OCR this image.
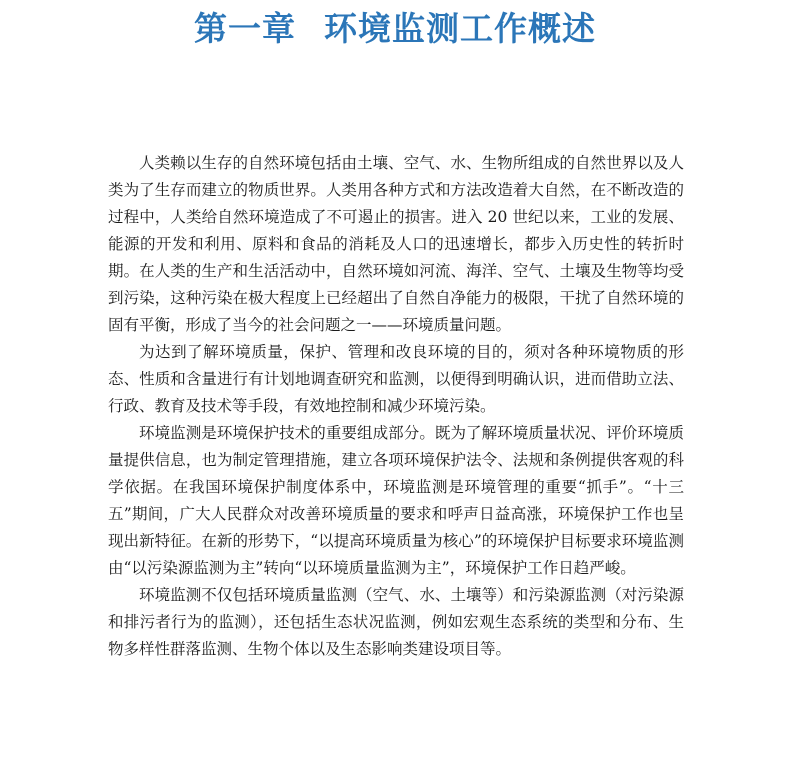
第一章 环境监测工作概述

人类赖以生存的自然环境包括由土壤、空气、水、生物所组成的自然世界以及人类为了生存而建立的物质世界。人类用各种方式和方法改造着大自然，在不断改造的过程中，人类给自然环境造成了不可遏止的损害。进入 20 世纪以来，工业的发展、能源的开发和利用、原料和食品的消耗及人口的迅速增长，都步入历史性的转折时期。在人类的生产和生活活动中，自然环境如河流、海洋、空气、土壤及生物等均受到污染，这种污染在极大程度上已经超出了自然自净能力的极限，干扰了自然环境的固有平衡，形成了当今的社会问题之一——环境质量问题。

为达到了解环境质量，保护、管理和改良环境的目的，须对各种环境物质的形态、性质和含量进行有计划地调查研究和监测，以便得到明确认识，进而借助立法、行政、教育及技术等手段，有效地控制和减少环境污染。

环境监测是环境保护技术的重要组成部分。既为了解环境质量状况、评价环境质量提供信息，也为制定管理措施，建立各项环境保护法令、法规和条例提供客观的科学依据。在我国环境保护制度体系中，环境监测是环境管理的重要“抓手”。“十三五”期间，广大人民群众对改善环境质量的要求和呼声日益高涨，环境保护工作也呈现出新特征。在新的形势下，“以提高环境质量为核心”的环境保护目标要求环境监测由“以污染源监测为主”转向“以环境质量监测为主”，环境保护工作日趋严峻。

环境监测不仅包括环境质量监测（空气、水、土壤等）和污染源监测（对污染源和排污者行为的监测），还包括生态状况监测，例如宏观生态系统的类型和分布、生物多样性群落监测、生物个体以及生态影响类建设项目等。
